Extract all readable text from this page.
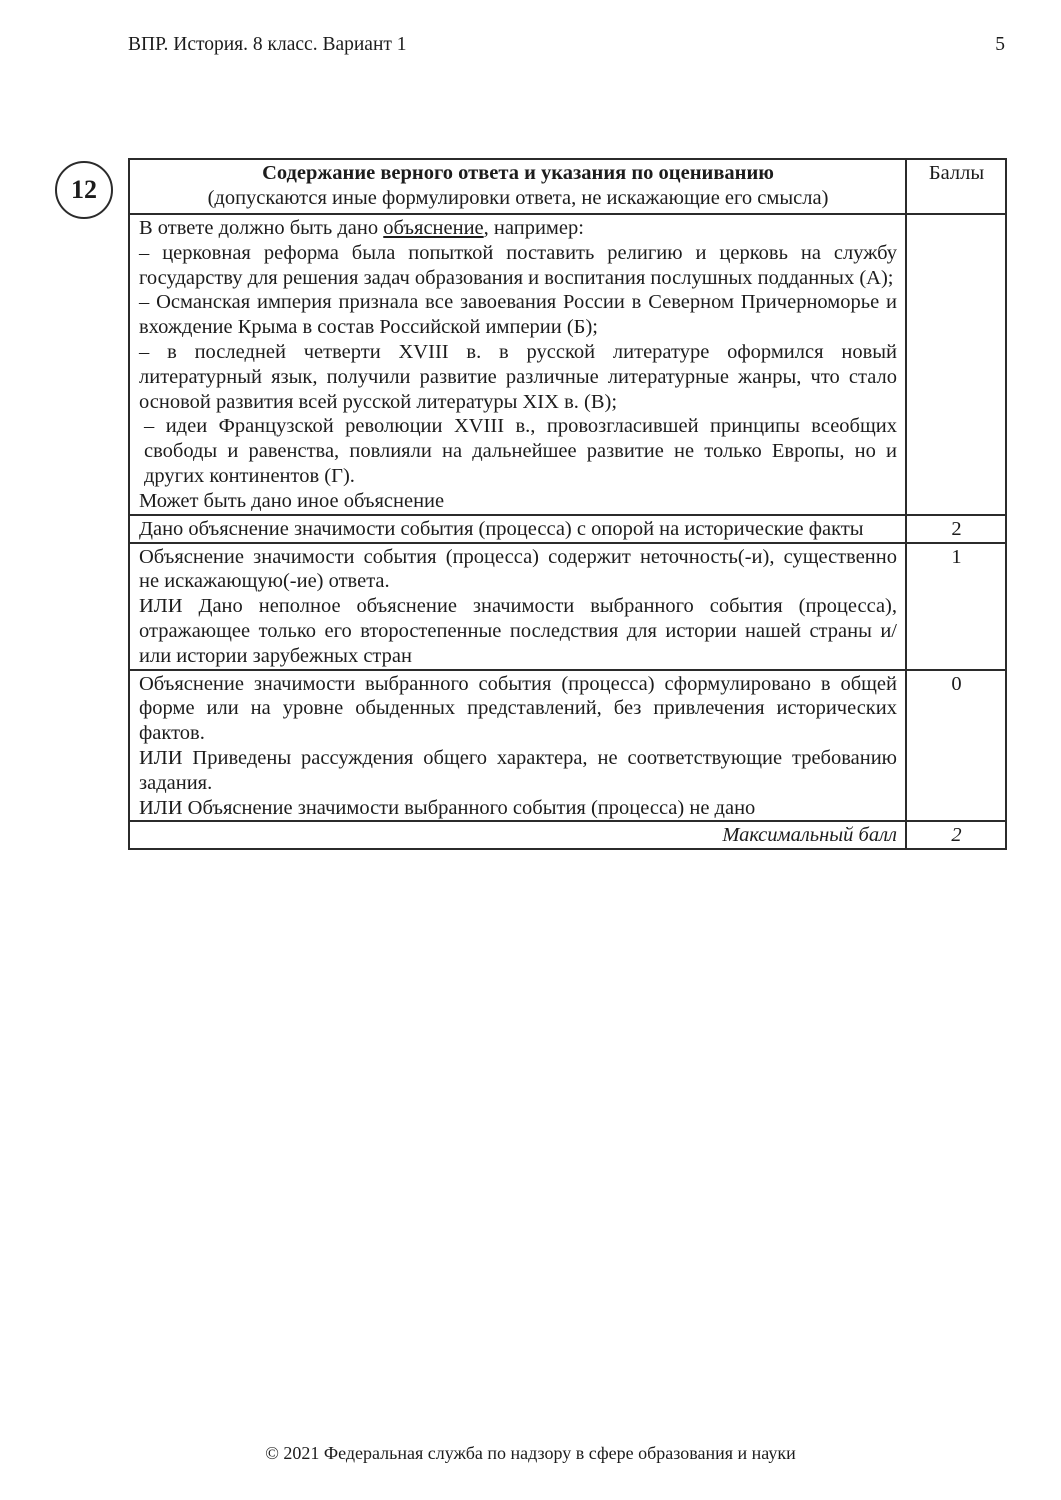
ВПР. История. 8 класс. Вариант 1	5
12
Содержание верного ответа и указания по оцениванию
(допускаются иные формулировки ответа, не искажающие его смысла)	Баллы

В ответе должно быть дано объяснение, например:

– церковная реформа была попыткой поставить религию и церковь на службу государству для решения задач образования и воспитания послушных подданных (А);

– Османская империя признала все завоевания России в Северном Причерноморье и вхождение Крыма в состав Российской империи (Б);

– в последней четверти XVIII в. в русской литературе оформился новый литературный язык, получили развитие различные литературные жанры, что стало основой развития всей русской литературы XIX в. (В);

– идеи Французской революции XVIII в., провозгласившей принципы всеобщих свободы и равенства, повлияли на дальнейшее развитие не только Европы, но и других континентов (Г).

Может быть дано иное объяснение

Дано объяснение значимости события (процесса) с опорой на исторические факты	2

Объяснение значимости события (процесса) содержит неточность(-и), существенно не искажающую(-ие) ответа.

ИЛИ Дано неполное объяснение значимости выбранного события (процесса), отражающее только его второстепенные последствия для истории нашей страны и/или истории зарубежных стран	1

Объяснение значимости выбранного события (процесса) сформулировано в общей форме или на уровне обыденных представлений, без привлечения исторических фактов.

ИЛИ Приведены рассуждения общего характера, не соответствующие требованию задания.

ИЛИ Объяснение значимости выбранного события (процесса) не дано	0
Максимальный балл	2
© 2021 Федеральная служба по надзору в сфере образования и науки
